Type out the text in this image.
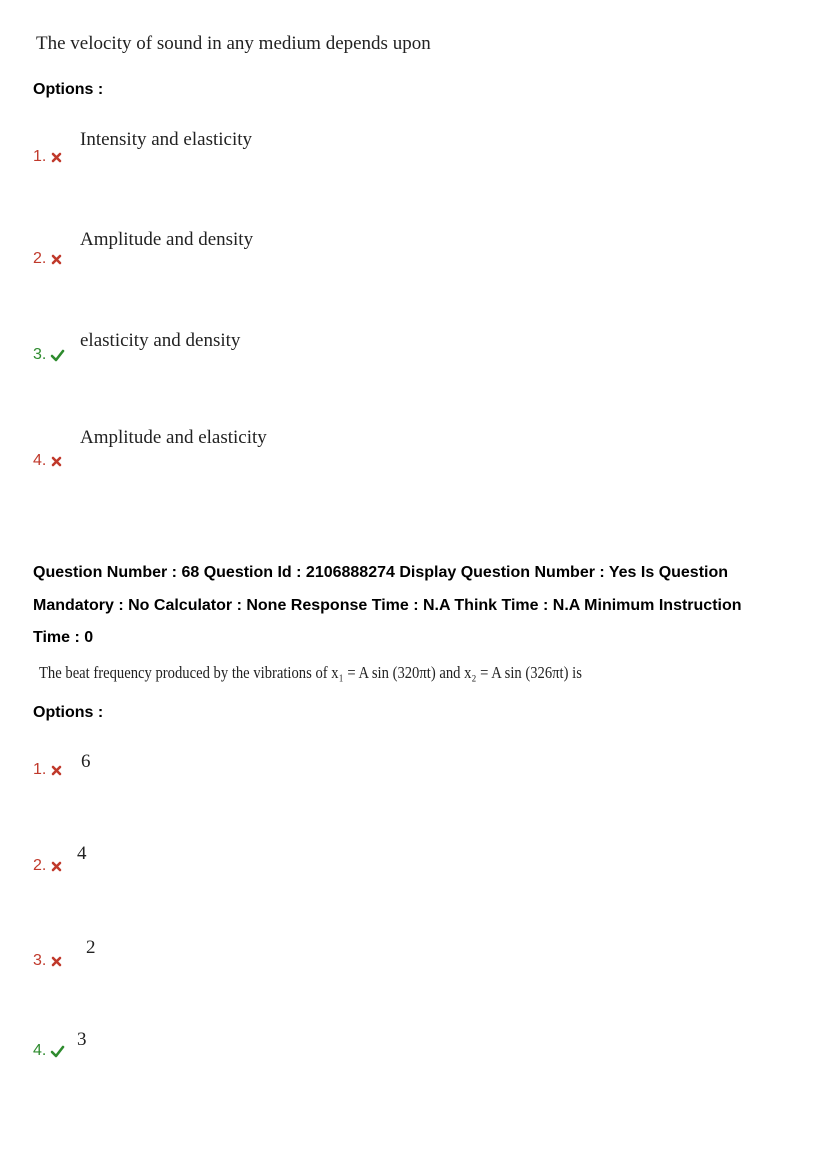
The velocity of sound in any medium depends upon
Options :
1.
Intensity and elasticity
2.
Amplitude and density
3.
elasticity and density
4.
Amplitude and elasticity
Question Number : 68 Question Id : 2106888274 Display Question Number : Yes Is Question
Mandatory : No Calculator : None Response Time : N.A Think Time : N.A Minimum Instruction
Time : 0
The beat frequency produced by the vibrations of x₁ = A sin (320πt) and x₂ = A sin (326πt) is
Options :
1. 6
2.
4
3.
2
4.
3
